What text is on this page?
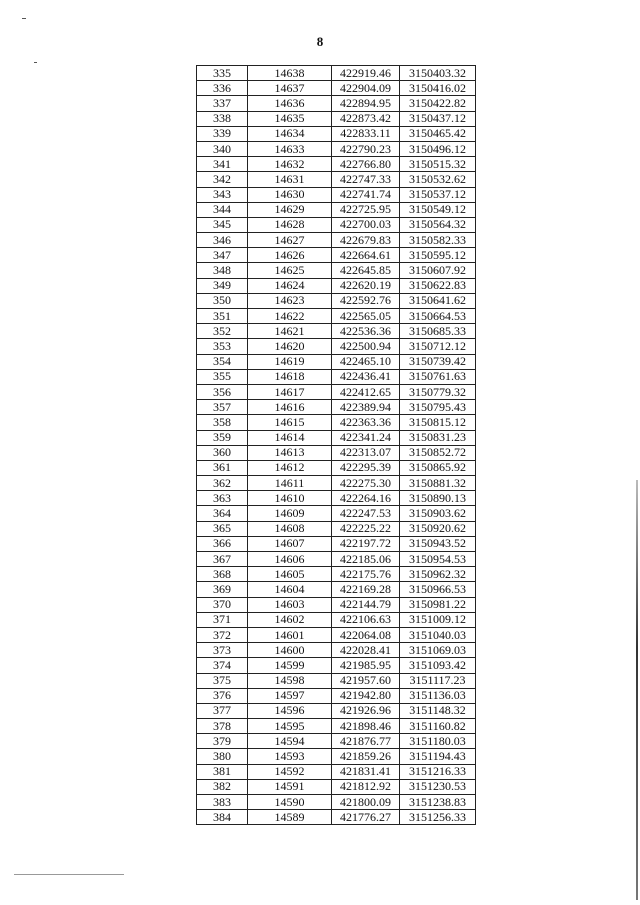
8
335	14638	422919.46	3150403.32
336	14637	422904.09	3150416.02
337	14636	422894.95	3150422.82
338	14635	422873.42	3150437.12
339	14634	422833.11	3150465.42
340	14633	422790.23	3150496.12
341	14632	422766.80	3150515.32
342	14631	422747.33	3150532.62
343	14630	422741.74	3150537.12
344	14629	422725.95	3150549.12
345	14628	422700.03	3150564.32
346	14627	422679.83	3150582.33
347	14626	422664.61	3150595.12
348	14625	422645.85	3150607.92
349	14624	422620.19	3150622.83
350	14623	422592.76	3150641.62
351	14622	422565.05	3150664.53
352	14621	422536.36	3150685.33
353	14620	422500.94	3150712.12
354	14619	422465.10	3150739.42
355	14618	422436.41	3150761.63
356	14617	422412.65	3150779.32
357	14616	422389.94	3150795.43
358	14615	422363.36	3150815.12
359	14614	422341.24	3150831.23
360	14613	422313.07	3150852.72
361	14612	422295.39	3150865.92
362	14611	422275.30	3150881.32
363	14610	422264.16	3150890.13
364	14609	422247.53	3150903.62
365	14608	422225.22	3150920.62
366	14607	422197.72	3150943.52
367	14606	422185.06	3150954.53
368	14605	422175.76	3150962.32
369	14604	422169.28	3150966.53
370	14603	422144.79	3150981.22
371	14602	422106.63	3151009.12
372	14601	422064.08	3151040.03
373	14600	422028.41	3151069.03
374	14599	421985.95	3151093.42
375	14598	421957.60	3151117.23
376	14597	421942.80	3151136.03
377	14596	421926.96	3151148.32
378	14595	421898.46	3151160.82
379	14594	421876.77	3151180.03
380	14593	421859.26	3151194.43
381	14592	421831.41	3151216.33
382	14591	421812.92	3151230.53
383	14590	421800.09	3151238.83
384	14589	421776.27	3151256.33
